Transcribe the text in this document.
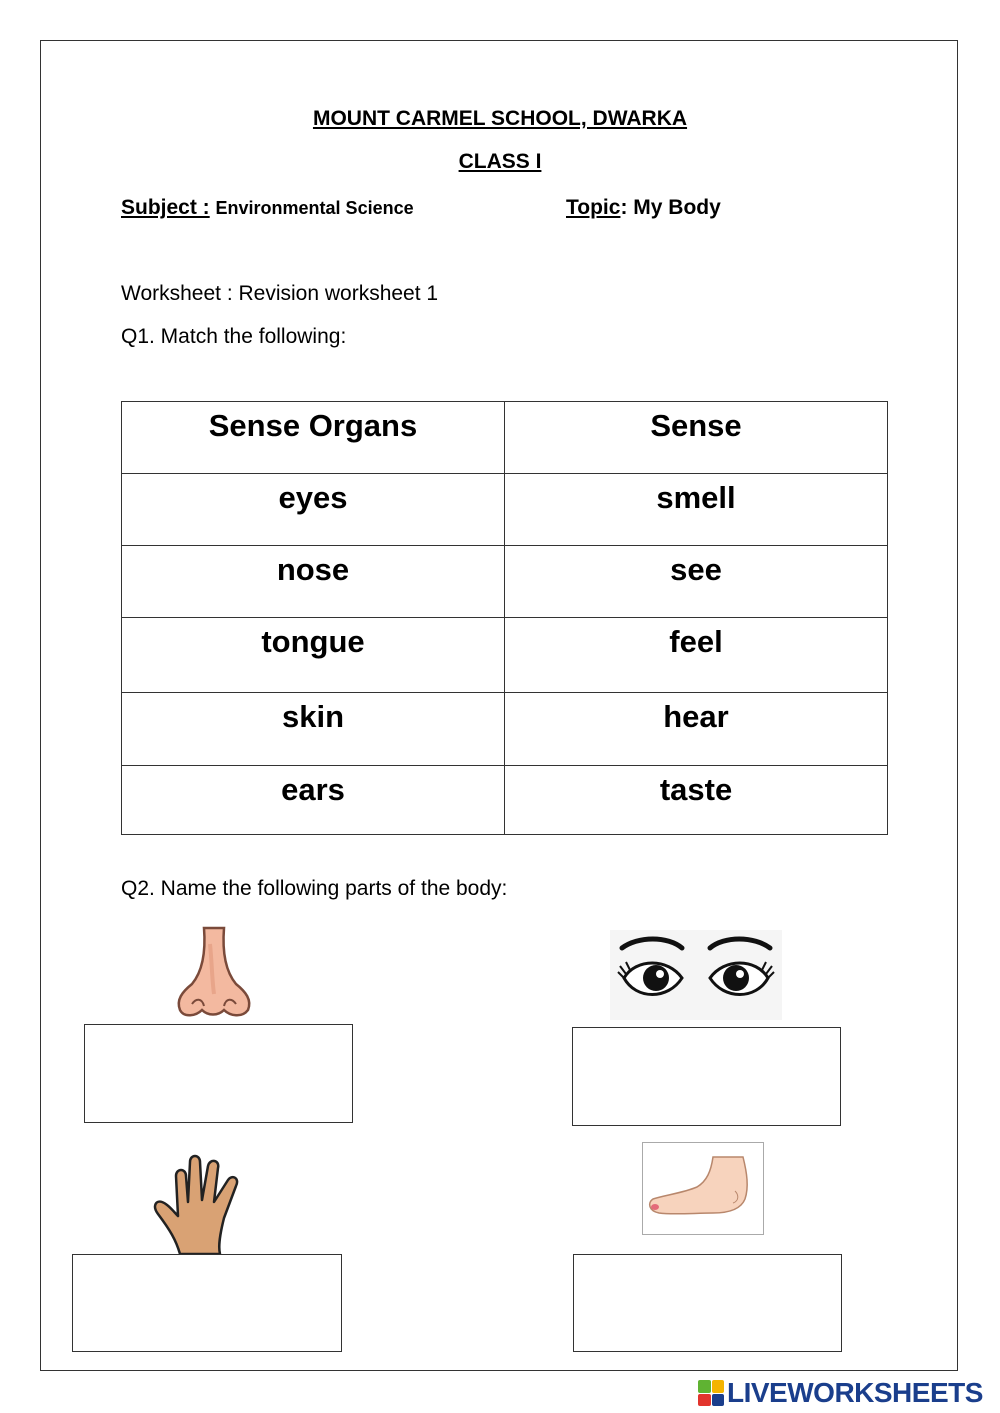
MOUNT CARMEL SCHOOL, DWARKA
CLASS I
Subject : Environmental Science	Topic: My Body
Worksheet : Revision worksheet 1
Q1. Match the following:
Sense Organs	Sense
eyes	smell
nose	see
tongue	feel
skin	hear
ears	taste
Q2. Name the following parts of the body:
LIVEWORKSHEETS
